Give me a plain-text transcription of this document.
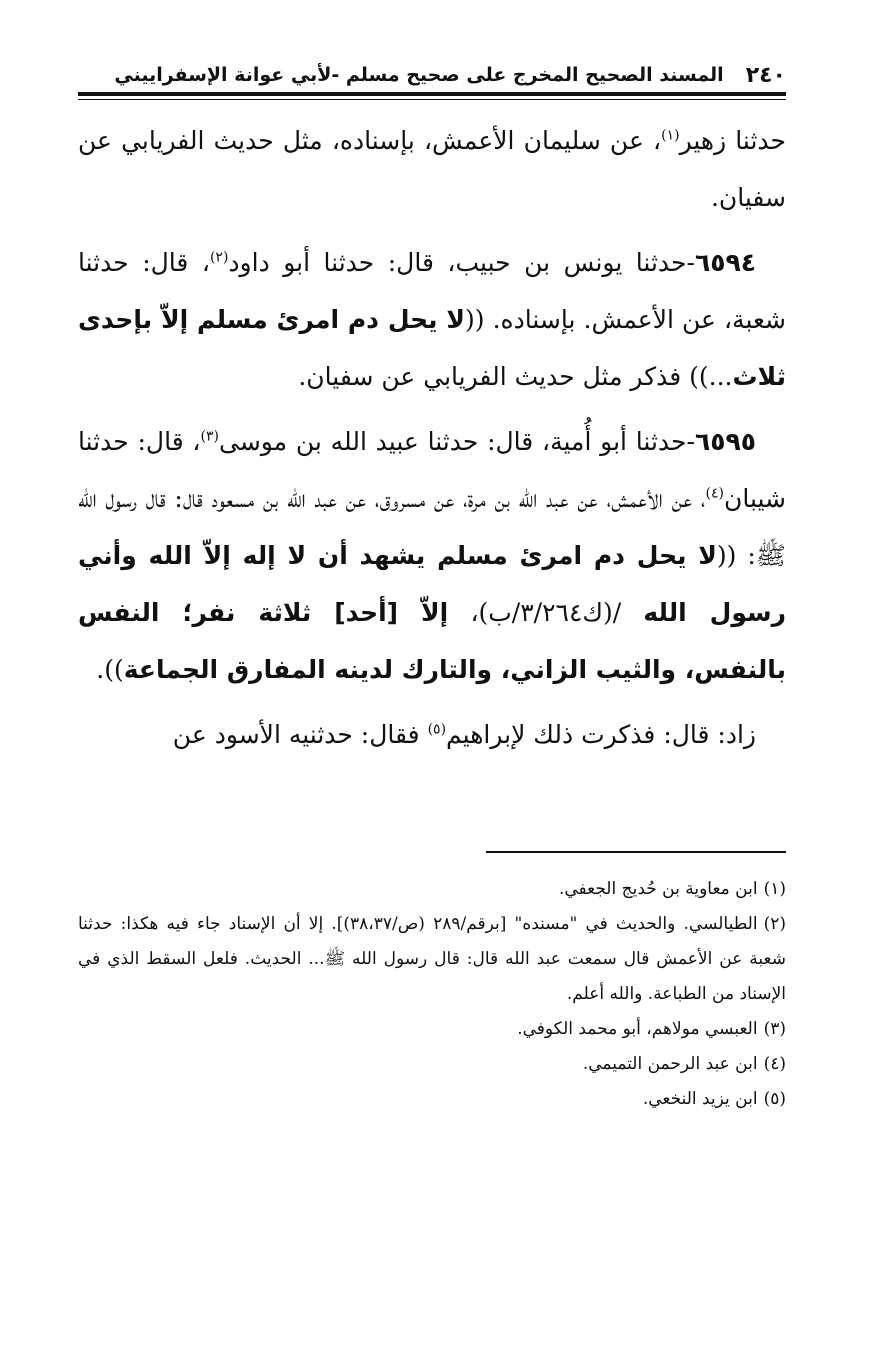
٢٤٠
المسند الصحيح المخرج على صحيح مسلم -لأبي عوانة الإسفراييني

حدثنا زهير$^{(١)}$، عن سليمان الأعمش، بإسناده، مثل حديث الفريابي عن سفيان.

٦٥٩٤-حدثنا يونس بن حبيب، قال: حدثنا أبو داود$^{(٢)}$، قال: حدثنا شعبة، عن الأعمش. بإسناده. ((لا يحل دم امرئ مسلم إلاّ بإحدى ثلاث...)) فذكر مثل حديث الفريابي عن سفيان.

٦٥٩٥-حدثنا أبو أُمية، قال: حدثنا عبيد الله بن موسى$^{(٣)}$، قال: حدثنا شيبان$^{(٤)}$، عن الأعمش، عن عبد الله بن مرة، عن مسروق، عن عبد الله بن مسعود قال: قال رسول الله ﷺ: ((لا يحل دم امرئ مسلم يشهد أن لا إله إلاّ الله وأني رسول الله /(ك٣/٢٦٤/ب)، إلاّ [أحد] ثلاثة نفر؛ النفس بالنفس، والثيب الزاني، والتارك لدينه المفارق الجماعة)).

زاد: قال: فذكرت ذلك لإبراهيم$^{(٥)}$ فقال: حدثنيه الأسود عن

(١)ابن معاوية بن حُديج الجعفي.

(٢)الطيالسي. والحديث في "مسنده" [برقم/٢٨٩ (ص/٣٨،٣٧)]. إلا أن الإسناد جاء فيه هكذا: حدثنا شعبة عن الأعمش قال سمعت عبد الله قال: قال رسول الله ﷺ... الحديث. فلعل السقط الذي في الإسناد من الطباعة. والله أعلم.

(٣)العبسي مولاهم، أبو محمد الكوفي.

(٤)ابن عبد الرحمن التميمي.

(٥)ابن يزيد النخعي.
